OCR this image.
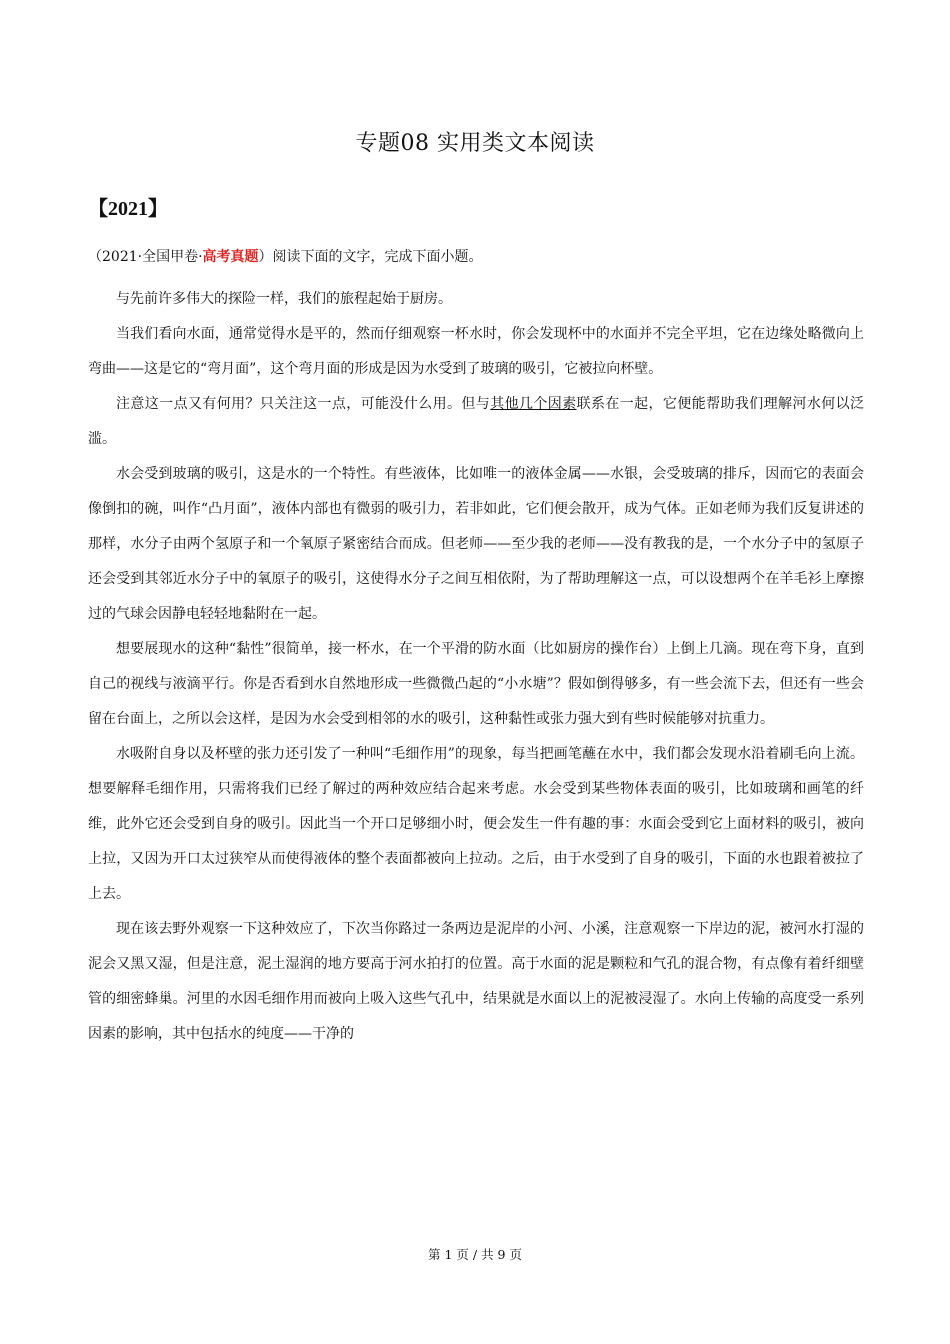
专题08 实用类文本阅读
【2021】
（2021·全国甲卷·高考真题）阅读下面的文字，完成下面小题。

与先前许多伟大的探险一样，我们的旅程起始于厨房。

当我们看向水面，通常觉得水是平的，然而仔细观察一杯水时，你会发现杯中的水面并不完全平坦，它在边缘处略微向上弯曲——这是它的“弯月面”，这个弯月面的形成是因为水受到了玻璃的吸引，它被拉向杯壁。

注意这一点又有何用？只关注这一点，可能没什么用。但与其他几个因素联系在一起，它便能帮助我们理解河水何以泛滥。

水会受到玻璃的吸引，这是水的一个特性。有些液体，比如唯一的液体金属——水银，会受玻璃的排斥，因而它的表面会像倒扣的碗，叫作“凸月面”，液体内部也有微弱的吸引力，若非如此，它们便会散开，成为气体。正如老师为我们反复讲述的那样，水分子由两个氢原子和一个氧原子紧密结合而成。但老师——至少我的老师——没有教我的是，一个水分子中的氢原子还会受到其邻近水分子中的氧原子的吸引，这使得水分子之间互相依附，为了帮助理解这一点，可以设想两个在羊毛衫上摩擦过的气球会因静电轻轻地黏附在一起。

想要展现水的这种“黏性”很简单，接一杯水，在一个平滑的防水面（比如厨房的操作台）上倒上几滴。现在弯下身，直到自己的视线与液滴平行。你是否看到水自然地形成一些微微凸起的“小水塘”？假如倒得够多，有一些会流下去，但还有一些会留在台面上，之所以会这样，是因为水会受到相邻的水的吸引，这种黏性或张力强大到有些时候能够对抗重力。

水吸附自身以及杯壁的张力还引发了一种叫“毛细作用”的现象，每当把画笔蘸在水中，我们都会发现水沿着刷毛向上流。想要解释毛细作用，只需将我们已经了解过的两种效应结合起来考虑。水会受到某些物体表面的吸引，比如玻璃和画笔的纤维，此外它还会受到自身的吸引。因此当一个开口足够细小时，便会发生一件有趣的事：水面会受到它上面材料的吸引，被向上拉，又因为开口太过狭窄从而使得液体的整个表面都被向上拉动。之后，由于水受到了自身的吸引，下面的水也跟着被拉了上去。

现在该去野外观察一下这种效应了，下次当你路过一条两边是泥岸的小河、小溪，注意观察一下岸边的泥，被河水打湿的泥会又黑又湿，但是注意，泥土湿润的地方要高于河水拍打的位置。高于水面的泥是颗粒和气孔的混合物，有点像有着纤细壁管的细密蜂巢。河里的水因毛细作用而被向上吸入这些气孔中，结果就是水面以上的泥被浸湿了。水向上传输的高度受一系列因素的影响，其中包括水的纯度——干净的

第 1 页 / 共 9 页
